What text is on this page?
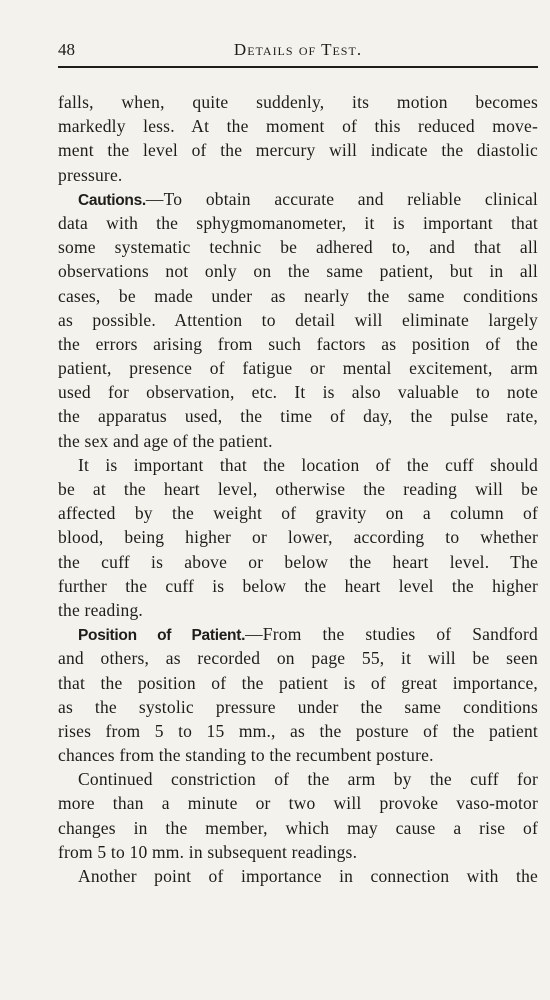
48	Details of Test.
falls, when, quite suddenly, its motion becomes
markedly less. At the moment of this reduced move-
ment the level of the mercury will indicate the diastolic
pressure.
Cautions.—To obtain accurate and reliable clinical
data with the sphygmomanometer, it is important that
some systematic technic be adhered to, and that all
observations not only on the same patient, but in all
cases, be made under as nearly the same conditions
as possible. Attention to detail will eliminate largely
the errors arising from such factors as position of the
patient, presence of fatigue or mental excitement, arm
used for observation, etc. It is also valuable to note
the apparatus used, the time of day, the pulse rate,
the sex and age of the patient.
It is important that the location of the cuff should
be at the heart level, otherwise the reading will be
affected by the weight of gravity on a column of
blood, being higher or lower, according to whether
the cuff is above or below the heart level. The
further the cuff is below the heart level the higher
the reading.
Position of Patient.—From the studies of Sandford
and others, as recorded on page 55, it will be seen
that the position of the patient is of great importance,
as the systolic pressure under the same conditions
rises from 5 to 15 mm., as the posture of the patient
chances from the standing to the recumbent posture.
Continued constriction of the arm by the cuff for
more than a minute or two will provoke vaso-motor
changes in the member, which may cause a rise of
from 5 to 10 mm. in subsequent readings.
Another point of importance in connection with the
